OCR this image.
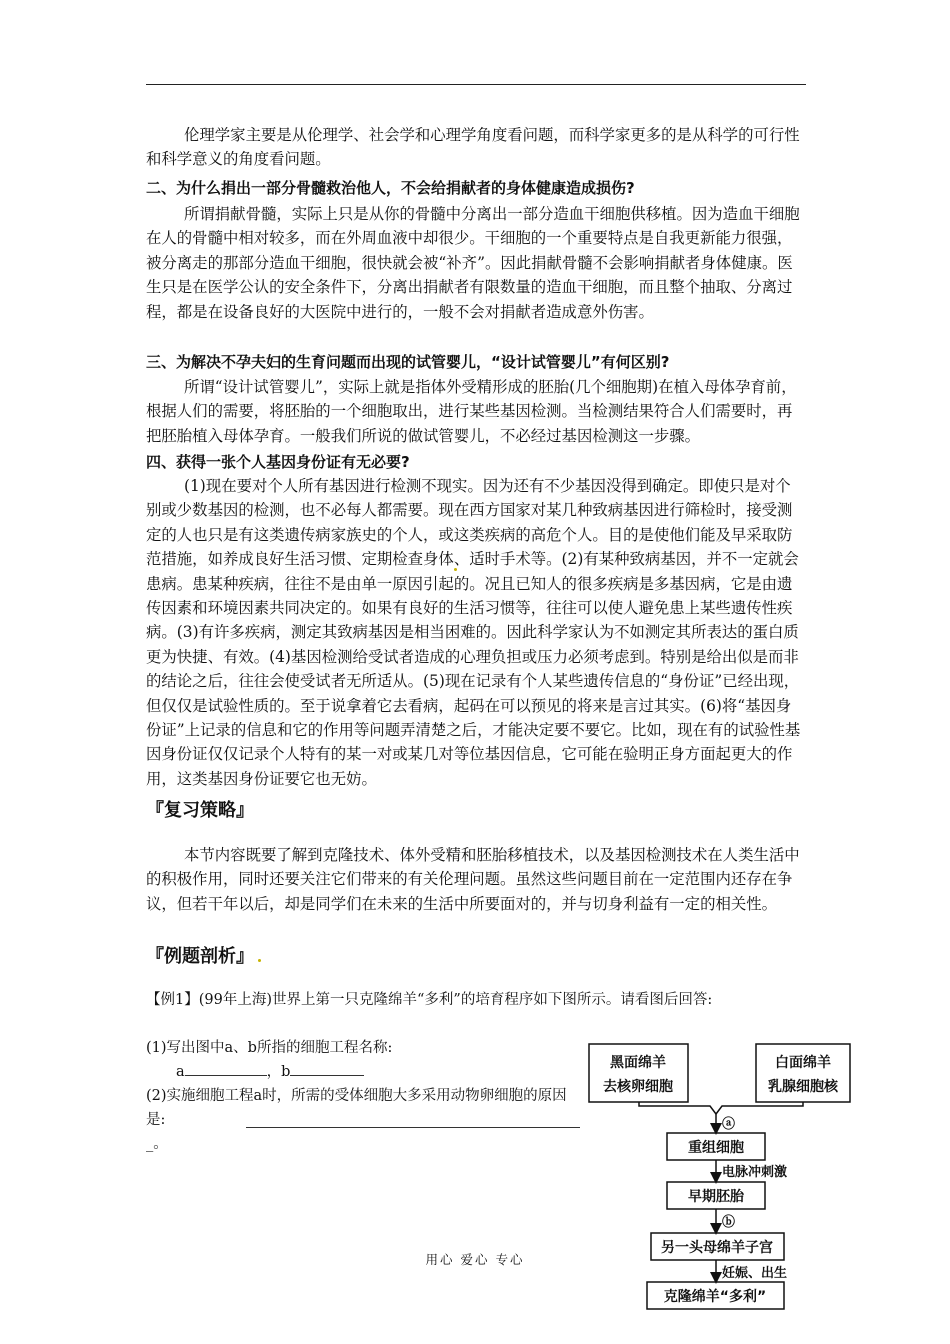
伦理学家主要是从伦理学、社会学和心理学角度看问题，而科学家更多的是从科学的可行性和科学意义的角度看问题。

二、为什么捐出一部分骨髓救治他人，不会给捐献者的身体健康造成损伤?

所谓捐献骨髓，实际上只是从你的骨髓中分离出一部分造血干细胞供移植。因为造血干细胞在人的骨髓中相对较多，而在外周血液中却很少。干细胞的一个重要特点是自我更新能力很强，被分离走的那部分造血干细胞，很快就会被“补齐”。因此捐献骨髓不会影响捐献者身体健康。医生只是在医学公认的安全条件下，分离出捐献者有限数量的造血干细胞，而且整个抽取、分离过程，都是在设备良好的大医院中进行的，一般不会对捐献者造成意外伤害。

三、为解决不孕夫妇的生育问题而出现的试管婴儿，“设计试管婴儿”有何区别?

所谓“设计试管婴儿”，实际上就是指体外受精形成的胚胎(几个细胞期)在植入母体孕育前，根据人们的需要，将胚胎的一个细胞取出，进行某些基因检测。当检测结果符合人们需要时，再把胚胎植入母体孕育。一般我们所说的做试管婴儿，不必经过基因检测这一步骤。

四、获得一张个人基因身份证有无必要?

(1)现在要对个人所有基因进行检测不现实。因为还有不少基因没得到确定。即使只是对个别或少数基因的检测，也不必每人都需要。现在西方国家对某几种致病基因进行筛检时，接受测定的人也只是有这类遗传病家族史的个人，或这类疾病的高危个人。目的是使他们能及早采取防范措施，如养成良好生活习惯、定期检查身体、适时手术等。(2)有某种致病基因，并不一定就会患病。患某种疾病，往往不是由单一原因引起的。况且已知人的很多疾病是多基因病，它是由遗传因素和环境因素共同决定的。如果有良好的生活习惯等，往往可以使人避免患上某些遗传性疾病。(3)有许多疾病，测定其致病基因是相当困难的。因此科学家认为不如测定其所表达的蛋白质更为快捷、有效。(4)基因检测给受试者造成的心理负担或压力必须考虑到。特别是给出似是而非的结论之后，往往会使受试者无所适从。(5)现在记录有个人某些遗传信息的“身份证”已经出现，但仅仅是试验性质的。至于说拿着它去看病，起码在可以预见的将来是言过其实。(6)将“基因身份证”上记录的信息和它的作用等问题弄清楚之后，才能决定要不要它。比如，现在有的试验性基因身份证仅仅记录个人特有的某一对或某几对等位基因信息，它可能在验明正身方面起更大的作用，这类基因身份证要它也无妨。

『复习策略』

本节内容既要了解到克隆技术、体外受精和胚胎移植技术，以及基因检测技术在人类生活中的积极作用，同时还要关注它们带来的有关伦理问题。虽然这些问题目前在一定范围内还存在争议，但若干年以后，却是同学们在未来的生活中所要面对的，并与切身利益有一定的相关性。

『例题剖析』

【例1】(99年上海)世界上第一只克隆绵羊“多利”的培育程序如下图所示。请看图后回答:

(1)写出图中a、b所指的细胞工程名称:

a	，b

(2)实施细胞工程a时，所需的受体细胞大多采用动物卵细胞的原因是:

_。
黑面绵羊
去核卵细胞
白面绵羊
乳腺细胞核
重组细胞
早期胚胎
另一头母绵羊子宫
克隆绵羊“多利”
ⓐ
电脉冲刺激
ⓑ
妊娠、出生
用心 爱心 专心
